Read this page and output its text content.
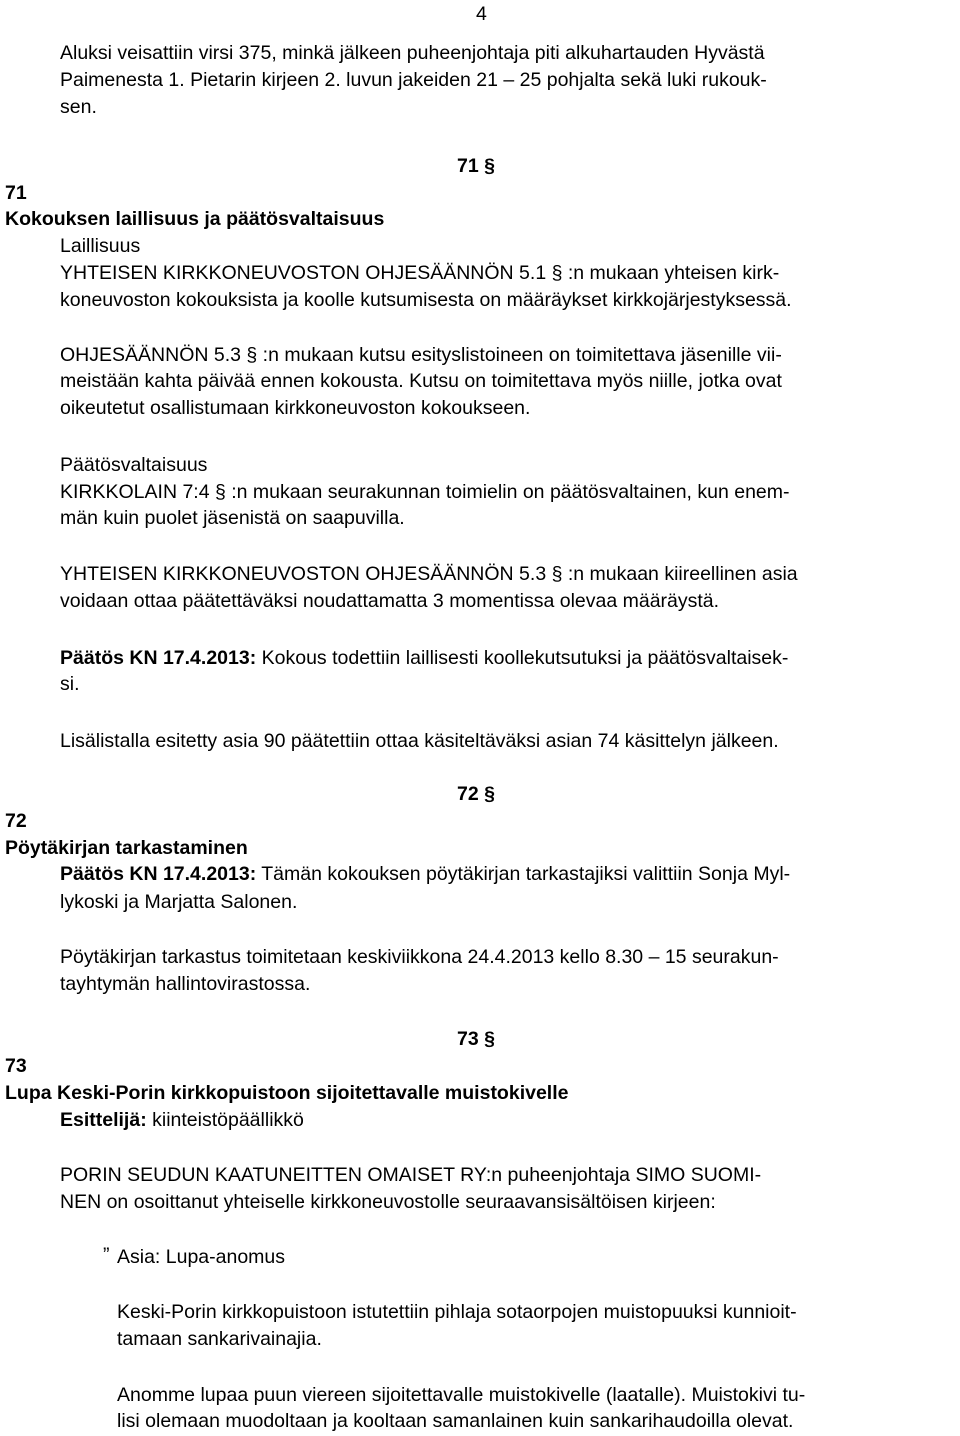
4
Aluksi veisattiin virsi 375, minkä jälkeen puheenjohtaja piti alkuhartauden Hyvästä
Paimenesta 1. Pietarin kirjeen 2. luvun jakeiden 21 – 25 pohjalta sekä luki rukouk-
sen.
71 §
71
Kokouksen laillisuus ja päätösvaltaisuus
Laillisuus
YHTEISEN KIRKKONEUVOSTON OHJESÄÄNNÖN 5.1 § :n mukaan yhteisen kirk-
koneuvoston kokouksista ja koolle kutsumisesta on määräykset kirkkojärjestyksessä.
OHJESÄÄNNÖN 5.3 § :n mukaan kutsu esityslistoineen on toimitettava jäsenille vii-
meistään kahta päivää ennen kokousta. Kutsu on toimitettava myös niille, jotka ovat
oikeutetut osallistumaan kirkkoneuvoston kokoukseen.
Päätösvaltaisuus
KIRKKOLAIN 7:4 § :n mukaan seurakunnan toimielin on päätösvaltainen, kun enem-
män kuin puolet jäsenistä on saapuvilla.
YHTEISEN KIRKKONEUVOSTON OHJESÄÄNNÖN 5.3 § :n mukaan kiireellinen asia
voidaan ottaa päätettäväksi noudattamatta 3 momentissa olevaa määräystä.
Päätös KN 17.4.2013: Kokous todettiin laillisesti koollekutsutuksi ja päätösvaltaisek-
si.
Lisälistalla esitetty asia 90 päätettiin ottaa käsiteltäväksi asian 74 käsittelyn jälkeen.
72 §
72
Pöytäkirjan tarkastaminen
Päätös KN 17.4.2013: Tämän kokouksen pöytäkirjan tarkastajiksi valittiin Sonja Myl-
lykoski ja Marjatta Salonen.
Pöytäkirjan tarkastus toimitetaan keskiviikkona 24.4.2013 kello 8.30 – 15 seurakun-
tayhtymän hallintovirastossa.
73 §
73
Lupa Keski-Porin kirkkopuistoon sijoitettavalle muistokivelle
Esittelijä: kiinteistöpäällikkö
PORIN SEUDUN KAATUNEITTEN OMAISET RY:n puheenjohtaja SIMO SUOMI-
NEN on osoittanut yhteiselle kirkkoneuvostolle seuraavansisältöisen kirjeen:
” Asia: Lupa-anomus
Keski-Porin kirkkopuistoon istutettiin pihlaja sotaorpojen muistopuuksi kunnioit-
tamaan sankarivainajia.
Anomme lupaa puun viereen sijoitettavalle muistokivelle (laatalle). Muistokivi tu-
lisi olemaan muodoltaan ja kooltaan samanlainen kuin sankarihaudoilla olevat.
